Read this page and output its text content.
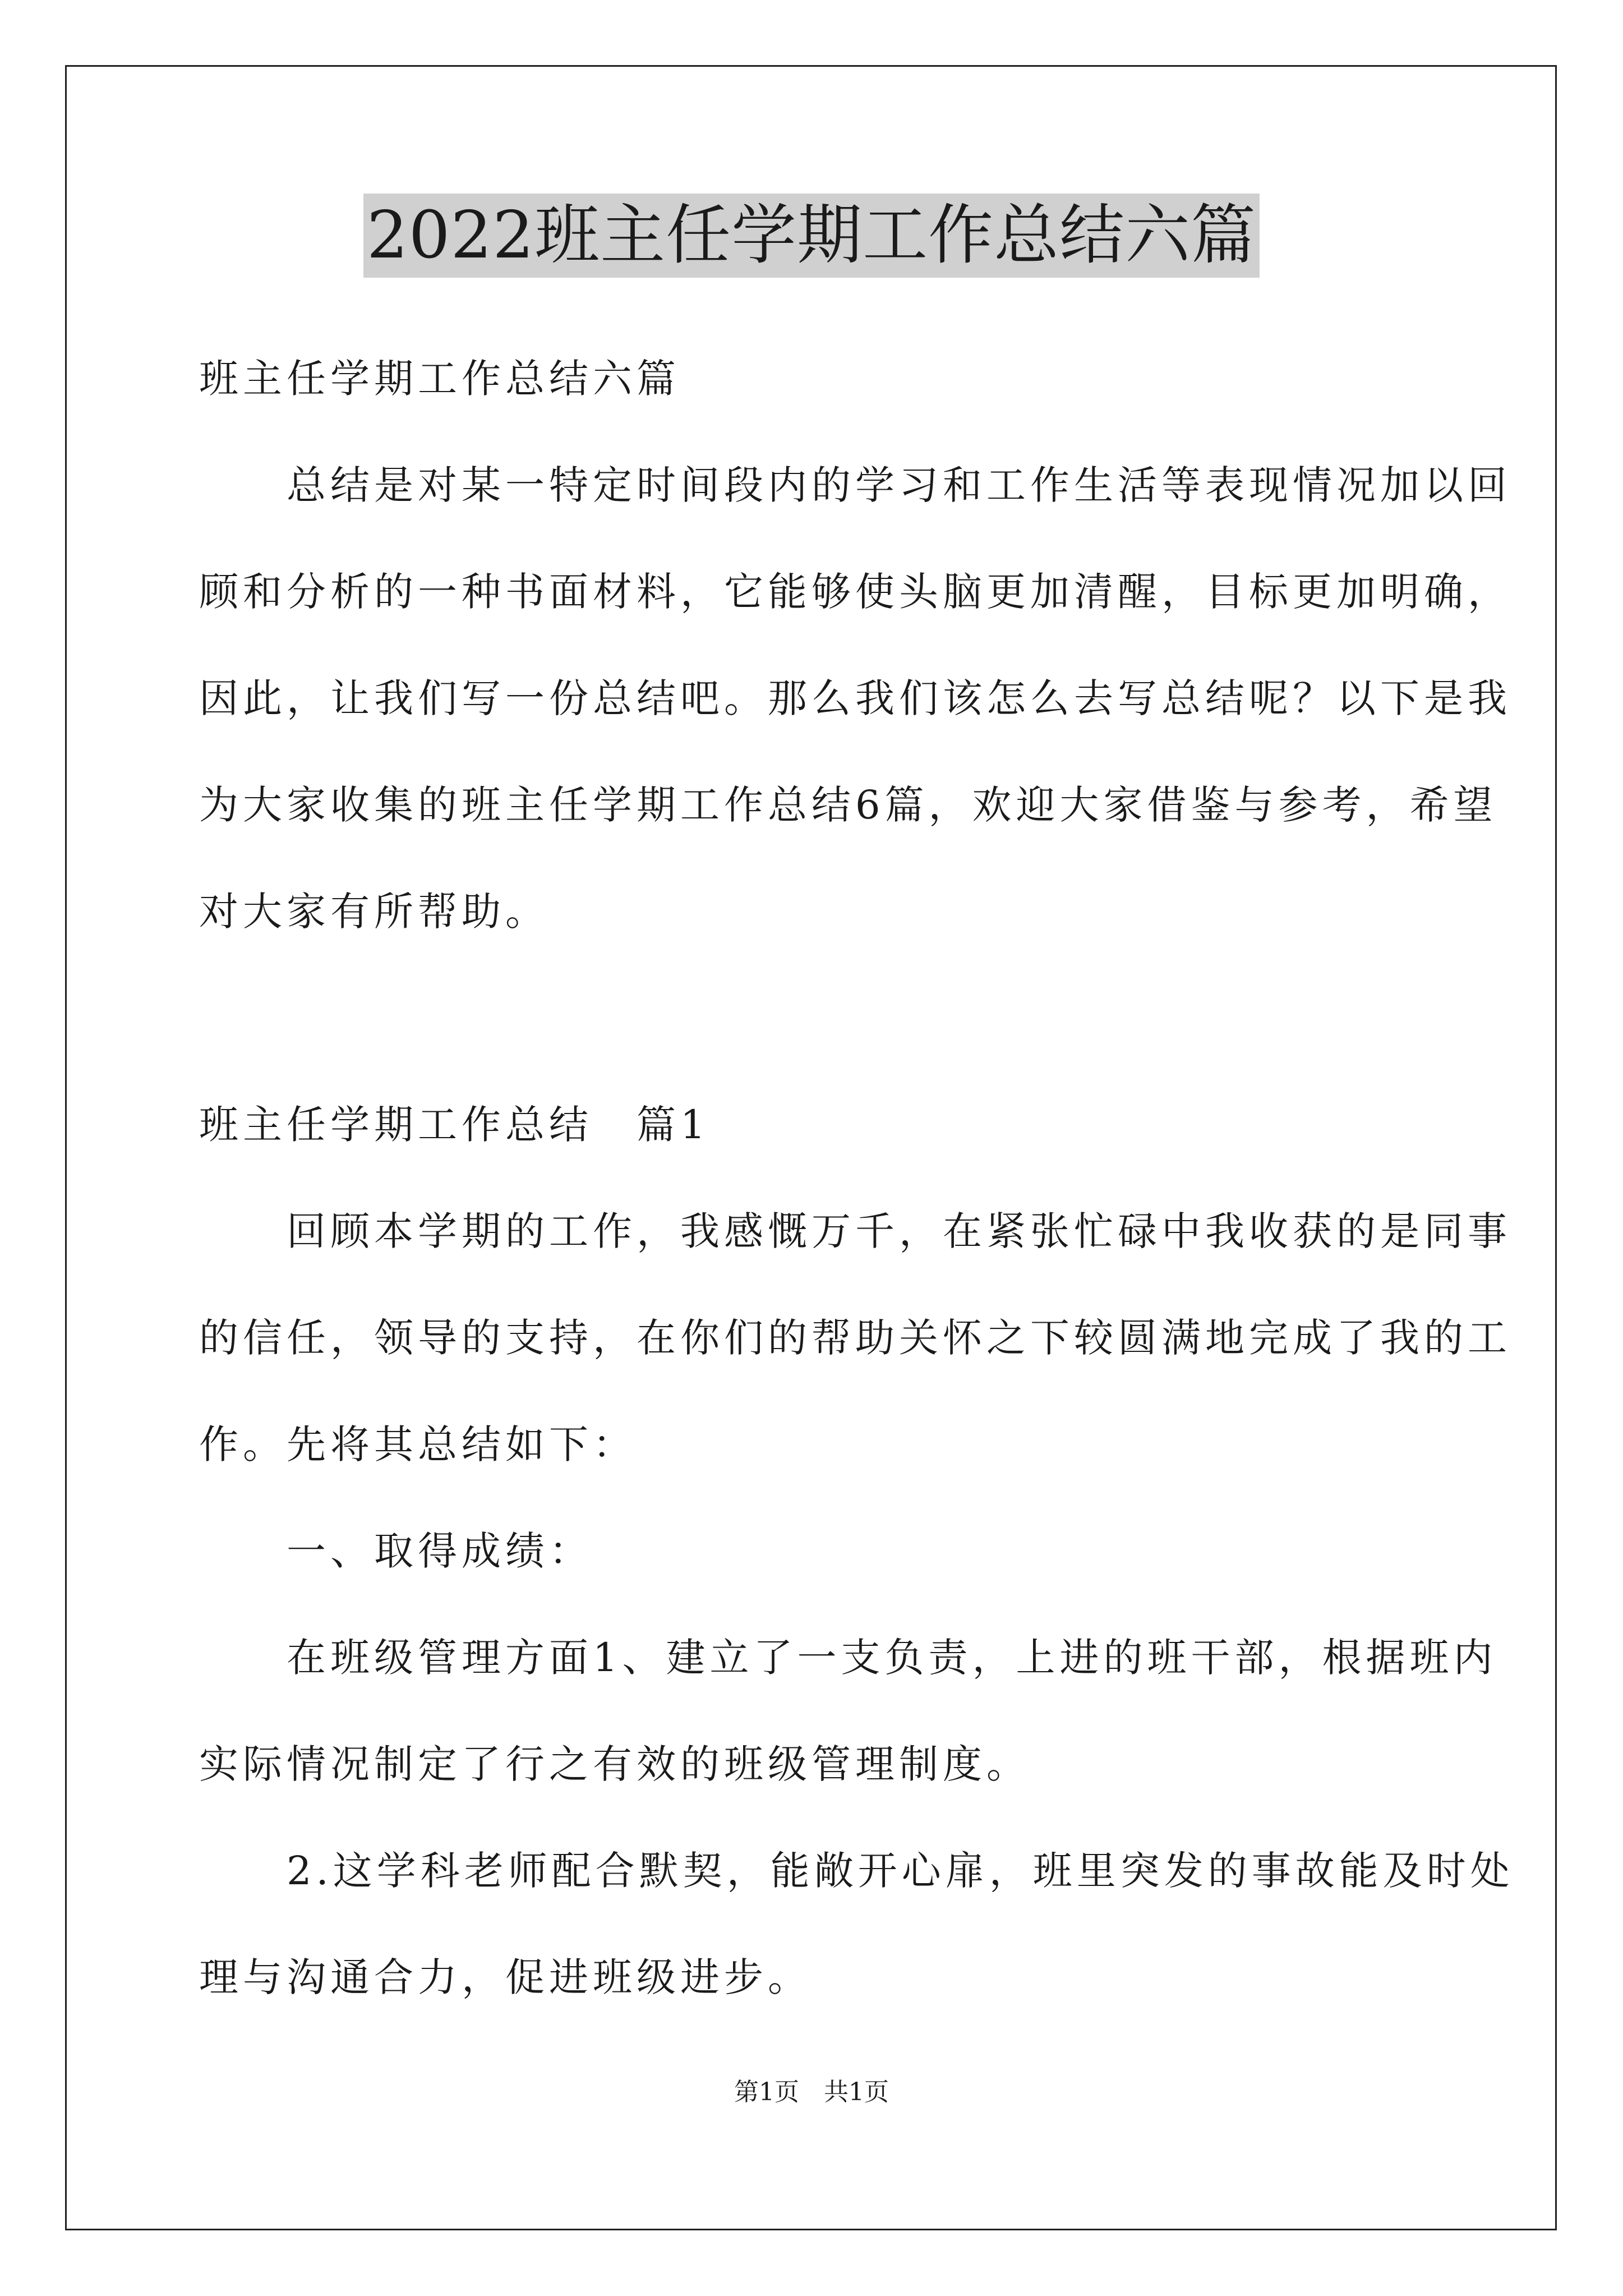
2022班主任学期工作总结六篇
班主任学期工作总结六篇
　　总结是对某一特定时间段内的学习和工作生活等表现情况加以回
顾和分析的一种书面材料，它能够使头脑更加清醒，目标更加明确，
因此，让我们写一份总结吧。那么我们该怎么去写总结呢？以下是我
为大家收集的班主任学期工作总结6篇，欢迎大家借鉴与参考，希望
对大家有所帮助。
班主任学期工作总结　篇1
　　回顾本学期的工作，我感慨万千，在紧张忙碌中我收获的是同事
的信任，领导的支持，在你们的帮助关怀之下较圆满地完成了我的工
作。先将其总结如下：
　　一、取得成绩：
　　在班级管理方面1、建立了一支负责，上进的班干部，根据班内
实际情况制定了行之有效的班级管理制度。
　　2.这学科老师配合默契，能敞开心扉，班里突发的事故能及时处
理与沟通合力，促进班级进步。
第1页　共1页
